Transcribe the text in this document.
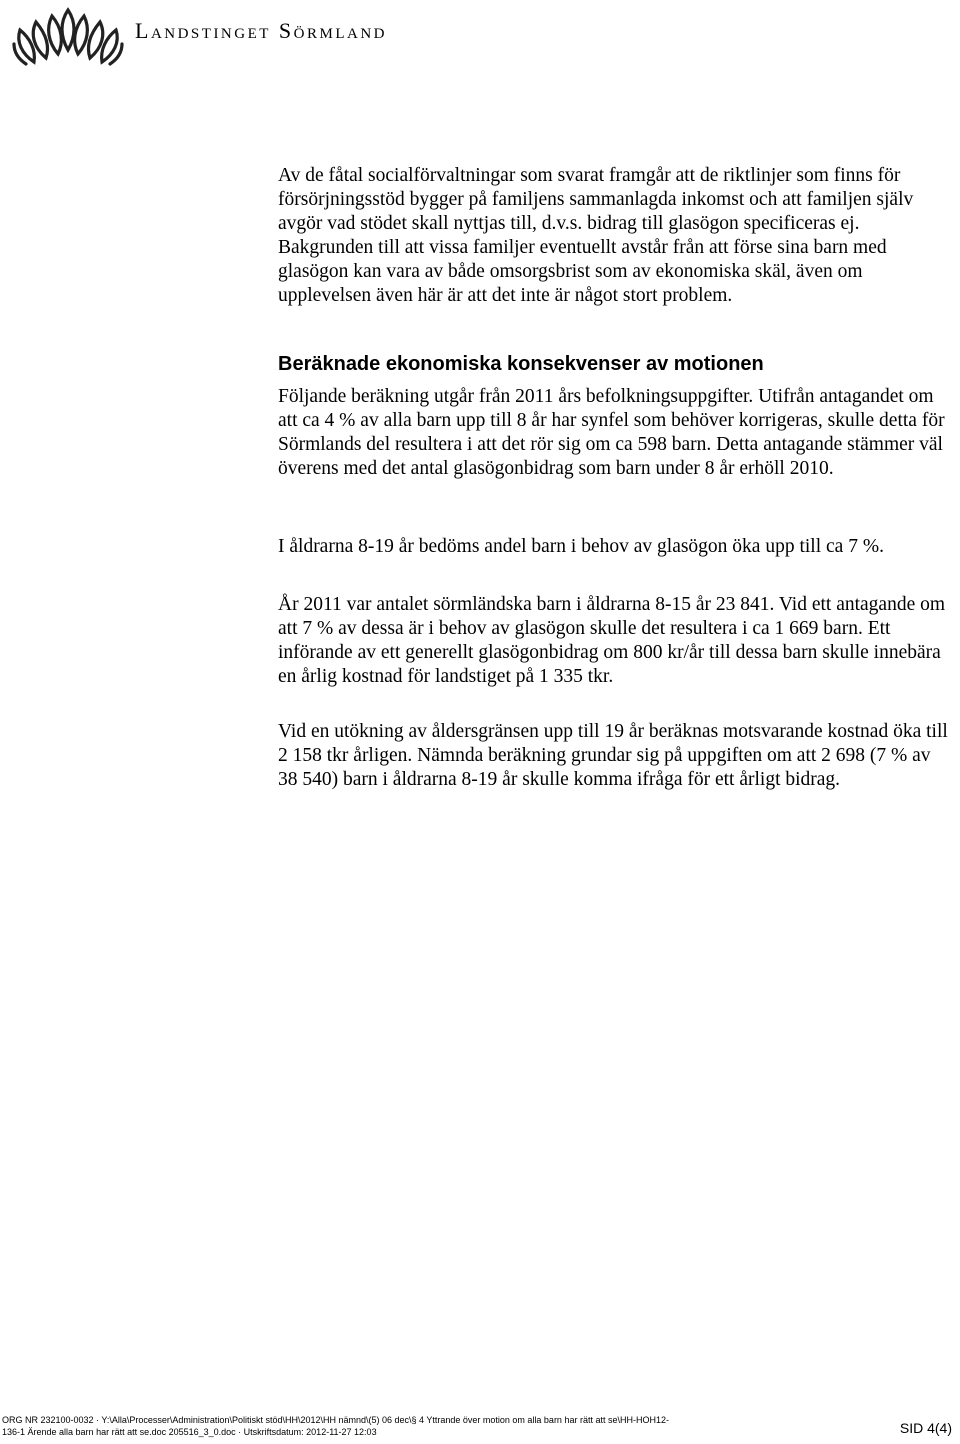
Landstinget Sörmland

Av de fåtal socialförvaltningar som svarat framgår att de riktlinjer som finns för försörjningsstöd bygger på familjens sammanlagda inkomst och att familjen själv avgör vad stödet skall nyttjas till, d.v.s. bidrag till glasögon specificeras ej. Bakgrunden till att vissa familjer eventuellt avstår från att förse sina barn med glasögon kan vara av både omsorgsbrist som av ekonomiska skäl, även om upplevelsen även här är att det inte är något stort problem.

Beräknade ekonomiska konsekvenser av motionen

Följande beräkning utgår från 2011 års befolkningsuppgifter. Utifrån antagandet om att ca 4 % av alla barn upp till 8 år har synfel som behöver korrigeras, skulle detta för Sörmlands del resultera i att det rör sig om ca 598 barn. Detta antagande stämmer väl överens med det antal glasögonbidrag som barn under 8 år erhöll 2010.

I åldrarna 8-19 år bedöms andel barn i behov av glasögon öka upp till ca 7 %.

År 2011 var antalet sörmländska barn i åldrarna 8-15 år 23 841. Vid ett antagande om att 7 % av dessa är i behov av glasögon skulle det resultera i ca 1 669 barn. Ett införande av ett generellt glasögonbidrag om 800 kr/år till dessa barn skulle innebära en årlig kostnad för landstiget på 1 335 tkr.

Vid en utökning av åldersgränsen upp till 19 år beräknas motsvarande kostnad öka till 2 158 tkr årligen. Nämnda beräkning grundar sig på uppgiften om att 2 698 (7 % av 38 540) barn i åldrarna 8-19 år skulle komma ifråga för ett årligt bidrag.

ORG NR 232100-0032 · Y:\Alla\Processer\Administration\Politiskt stöd\HH\2012\HH nämnd\(5) 06 dec\§ 4 Yttrande över motion om alla barn har rätt att se\HH-HOH12-
136-1 Ärende alla barn har rätt att se.doc 205516_3_0.doc · Utskriftsdatum: 2012-11-27 12:03	SID 4(4)
